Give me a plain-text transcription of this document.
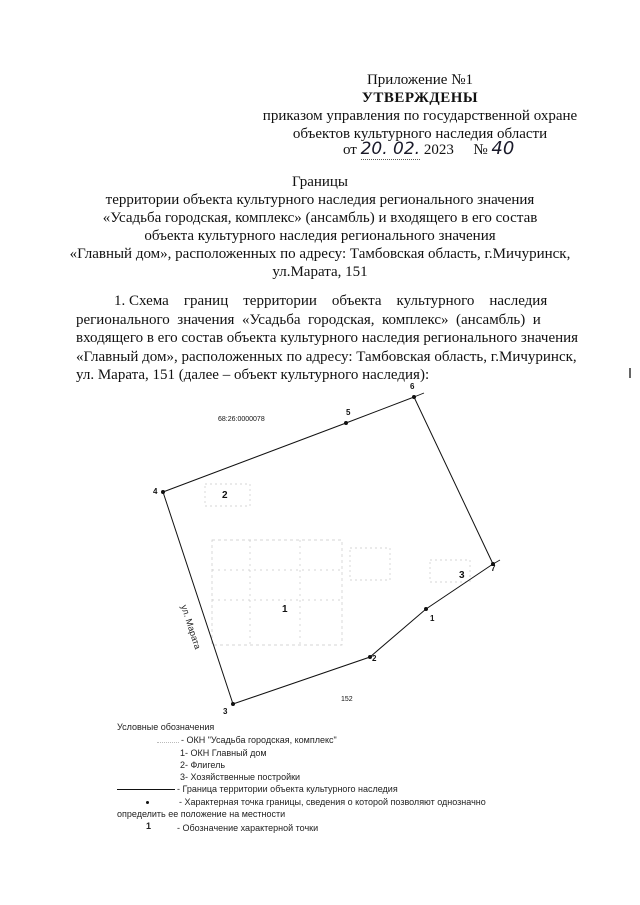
Приложение №1
УТВЕРЖДЕНЫ
приказом управления по государственной охране
объектов культурного наследия области
от 20. 02. 2023 № 40
Границы
территории объекта культурного наследия регионального значения
«Усадьба городская, комплекс» (ансамбль) и входящего в его состав
объекта культурного наследия регионального значения
«Главный дом», расположенных по адресу: Тамбовская область, г.Мичуринск,
ул.Марата, 151
1. Схема    границ    территории    объекта    культурного    наследия
регионального  значения  «Усадьба  городская,  комплекс»  (ансамбль)  и
входящего в его состав объекта культурного наследия регионального значения
«Главный дом», расположенных по адресу: Тамбовская область, г.Мичуринск,
ул. Марата, 151 (далее – объект культурного наследия):
1
2
3
4
5
6
7
1
2
3
68:26:0000078
152
ул. Марата
Условные обозначения
- ОКН "Усадьба городская, комплекс"
1- ОКН Главный дом
2- Флигель
3- Хозяйственные постройки
- Граница территории объекта культурного наследия
- Характерная точка границы, сведения о которой позволяют однозначно
определить ее положение на местности
1	- Обозначение характерной точки
